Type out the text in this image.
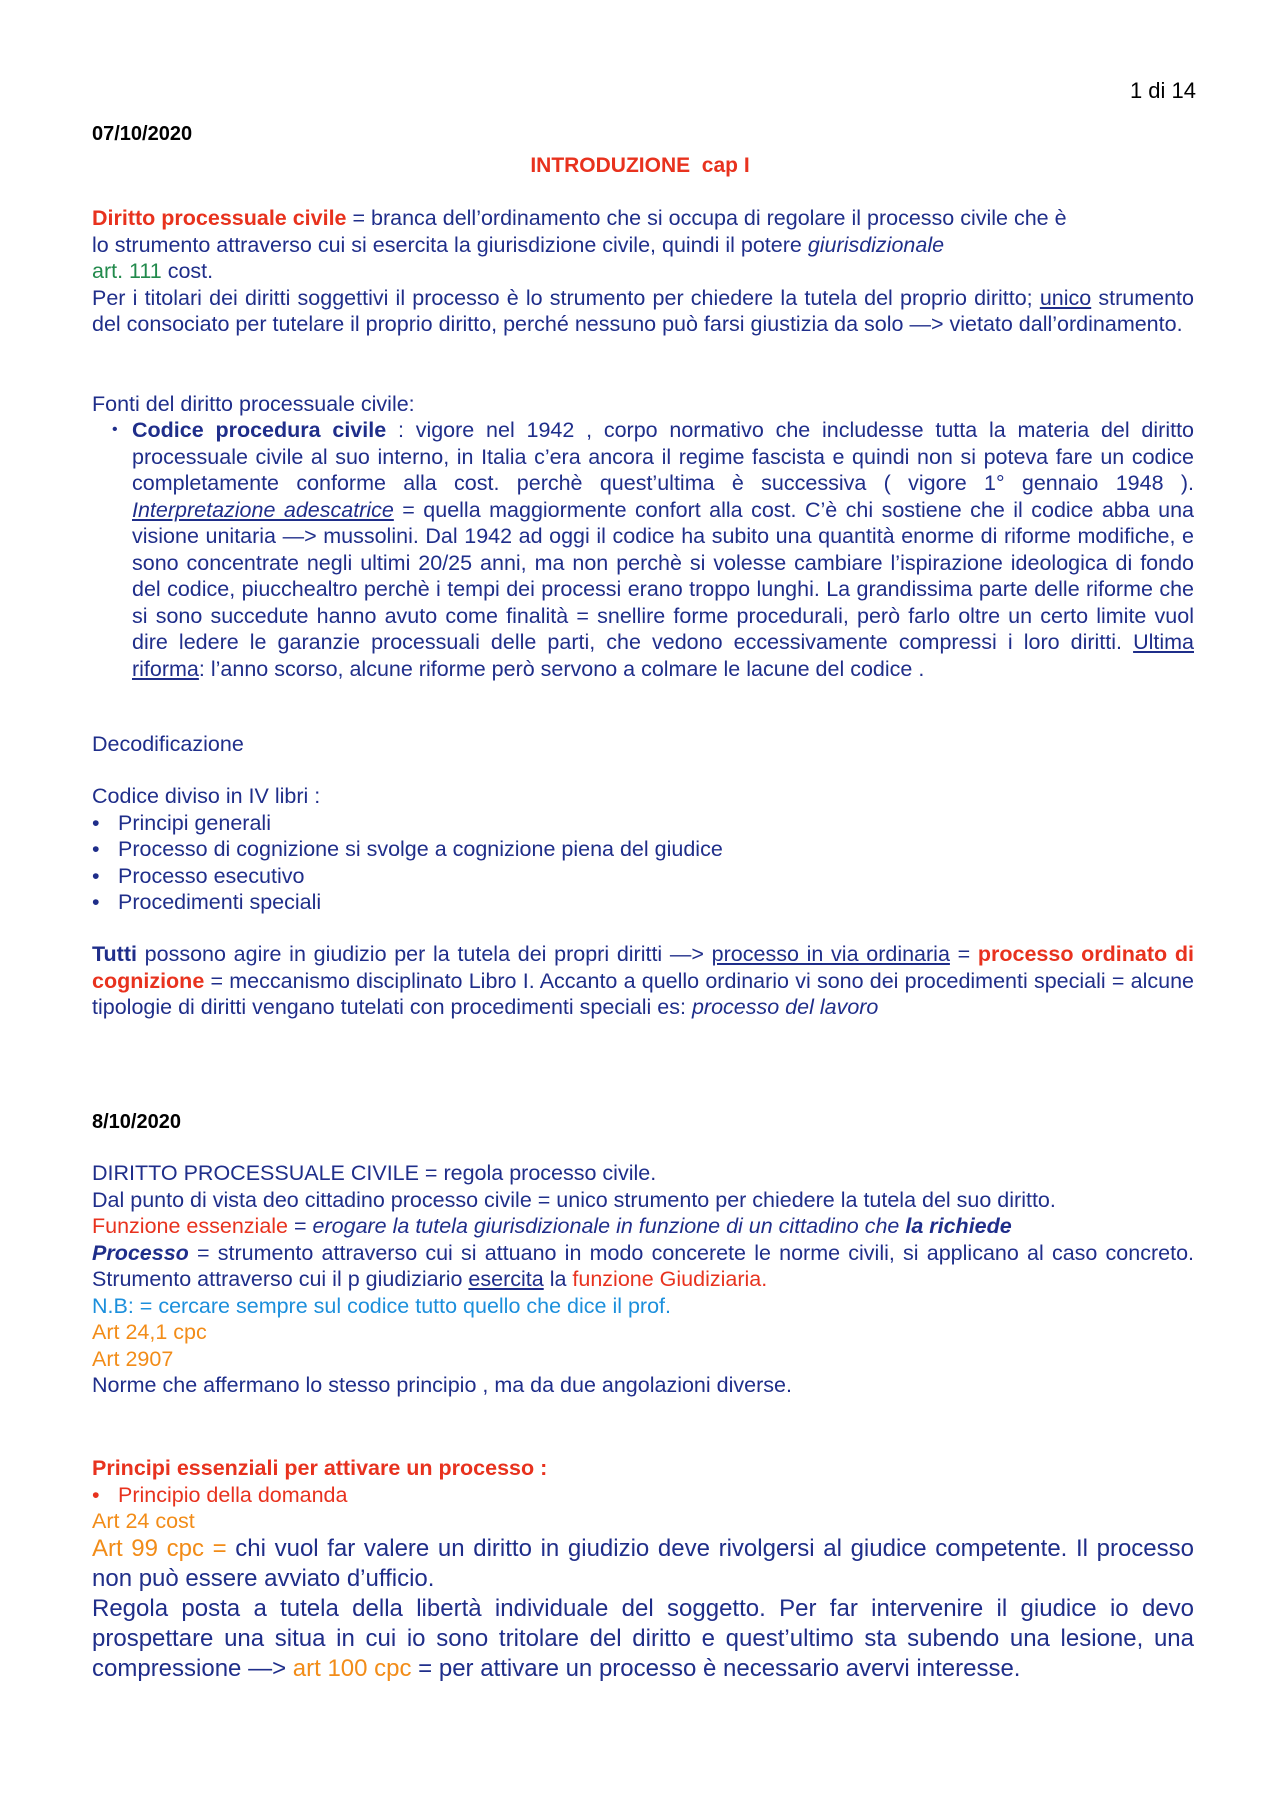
1 di 14
07/10/2020
INTRODUZIONE  cap I

Diritto processuale civile = branca dell’ordinamento che si occupa di regolare il processo civile che è

lo strumento attraverso cui si esercita la giurisdizione civile, quindi il potere giurisdizionale

art. 111 cost.

Per i titolari dei diritti soggettivi il processo è lo strumento per chiedere la tutela del proprio diritto; unico strumento del consociato per tutelare il proprio diritto, perché nessuno può farsi giustizia da solo —> vietato dall’ordinamento.

Fonti del diritto processuale civile:
• Codice procedura civile : vigore nel 1942 , corpo normativo che includesse tutta la materia del diritto processuale civile al suo interno, in Italia c’era ancora il regime fascista e quindi non si poteva fare un codice completamente conforme alla cost. perchè quest’ultima è successiva ( vigore 1° gennaio 1948 ). Interpretazione adescatrice = quella maggiormente confort alla cost. C’è chi sostiene che il codice abba una visione unitaria —> mussolini. Dal 1942 ad oggi il codice ha subito una quantità enorme di riforme modifiche, e sono concentrate negli ultimi 20/25 anni, ma non perchè si volesse cambiare l’ispirazione ideologica di fondo del codice, piucchealtro perchè i tempi dei processi erano troppo lunghi. La grandissima parte delle riforme che si sono succedute hanno avuto come finalità = snellire forme procedurali, però farlo oltre un certo limite vuol dire ledere le garanzie processuali delle parti, che vedono eccessivamente compressi i loro diritti. Ultima riforma: l’anno scorso, alcune riforme però servono a colmare le lacune del codice .
Decodificazione

Codice diviso in IV libri :

• Principi generali
• Processo di cognizione si svolge a cognizione piena del giudice
• Processo esecutivo
• Procedimenti speciali
Tutti possono agire in giudizio per la tutela dei propri diritti —> processo in via ordinaria = processo ordinato di cognizione = meccanismo disciplinato Libro I. Accanto a quello ordinario vi sono dei procedimenti speciali = alcune tipologie di diritti vengano tutelati con procedimenti speciali es: processo del lavoro
8/10/2020

DIRITTO PROCESSUALE CIVILE = regola processo civile.

Dal punto di vista deo cittadino processo civile = unico strumento per chiedere la tutela del suo diritto.

Funzione essenziale = erogare la tutela giurisdizionale in funzione di un cittadino che la richiede

Processo = strumento attraverso cui si attuano in modo concerete le norme civili, si applicano al caso concreto. Strumento attraverso cui il p giudiziario esercita la funzione Giudiziaria.

N.B: = cercare sempre sul codice tutto quello che dice il prof.

Art 24,1 cpc

Art 2907

Norme che affermano lo stesso principio , ma da due angolazioni diverse.

Principi essenziali per attivare un processo :

• Principio della domanda

Art 24 cost

Art 99 cpc = chi vuol far valere un diritto in giudizio deve rivolgersi al giudice competente. Il processo non può essere avviato d’ufficio.
Regola posta a tutela della libertà individuale del soggetto. Per far intervenire il giudice io devo prospettare una situa in cui io sono tritolare del diritto e quest’ultimo sta subendo una lesione, una compressione —> art 100 cpc = per attivare un processo è necessario avervi interesse.
